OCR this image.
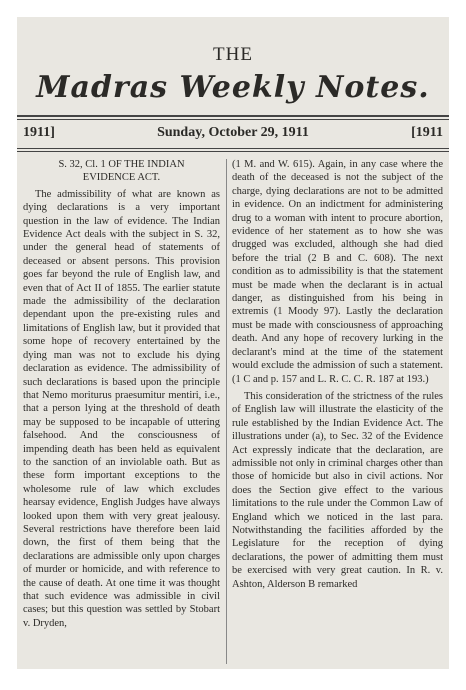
THE
Madras Weekly Notes.
1911]	Sunday, October 29, 1911	[1911
S. 32, Cl. 1 OF THE INDIAN
EVIDENCE ACT.

The admissibility of what are known as dying declarations is a very important question in the law of evidence. The Indian Evidence Act deals with the subject in S. 32, under the general head of statements of deceased or absent persons. This provision goes far beyond the rule of English law, and even that of Act II of 1855. The earlier statute made the admissibility of the declaration dependant upon the pre-existing rules and limitations of English law, but it provided that some hope of recovery entertained by the dying man was not to exclude his dying declaration as evidence. The admissibility of such declarations is based upon the principle that Nemo moriturus praesumitur mentiri, i.e., that a person lying at the threshold of death may be supposed to be incapable of uttering falsehood. And the consciousness of impending death has been held as equivalent to the sanction of an inviolable oath. But as these form important exceptions to the wholesome rule of law which excludes hearsay evidence, English Judges have always looked upon them with very great jealousy. Several restrictions have therefore been laid down, the first of them being that the declarations are admissible only upon charges of murder or homicide, and with reference to the cause of death. At one time it was thought that such evidence was admissible in civil cases; but this question was settled by Stobart v. Dryden,

(1 M. and W. 615). Again, in any case where the death of the deceased is not the subject of the charge, dying declarations are not to be admitted in evidence. On an indictment for administering drug to a woman with intent to procure abortion, evidence of her statement as to how she was drugged was excluded, although she had died before the trial (2 B and C. 608). The next condition as to admissibility is that the statement must be made when the declarant is in actual danger, as distinguished from his being in extremis (1 Moody 97). Lastly the declaration must be made with consciousness of approaching death. And any hope of recovery lurking in the declarant's mind at the time of the statement would exclude the admission of such a statement. (1 C and p. 157 and L. R. C. C. R. 187 at 193.)

This consideration of the strictness of the rules of English law will illustrate the elasticity of the rule established by the Indian Evidence Act. The illustrations under (a), to Sec. 32 of the Evidence Act expressly indicate that the declaration, are admissible not only in criminal charges other than those of homicide but also in civil actions. Nor does the Section give effect to the various limitations to the rule under the Common Law of England which we noticed in the last para. Notwithstanding the facilities afforded by the Legislature for the reception of dying declarations, the power of admitting them must be exercised with very great caution. In R. v. Ashton, Alderson B remarked
